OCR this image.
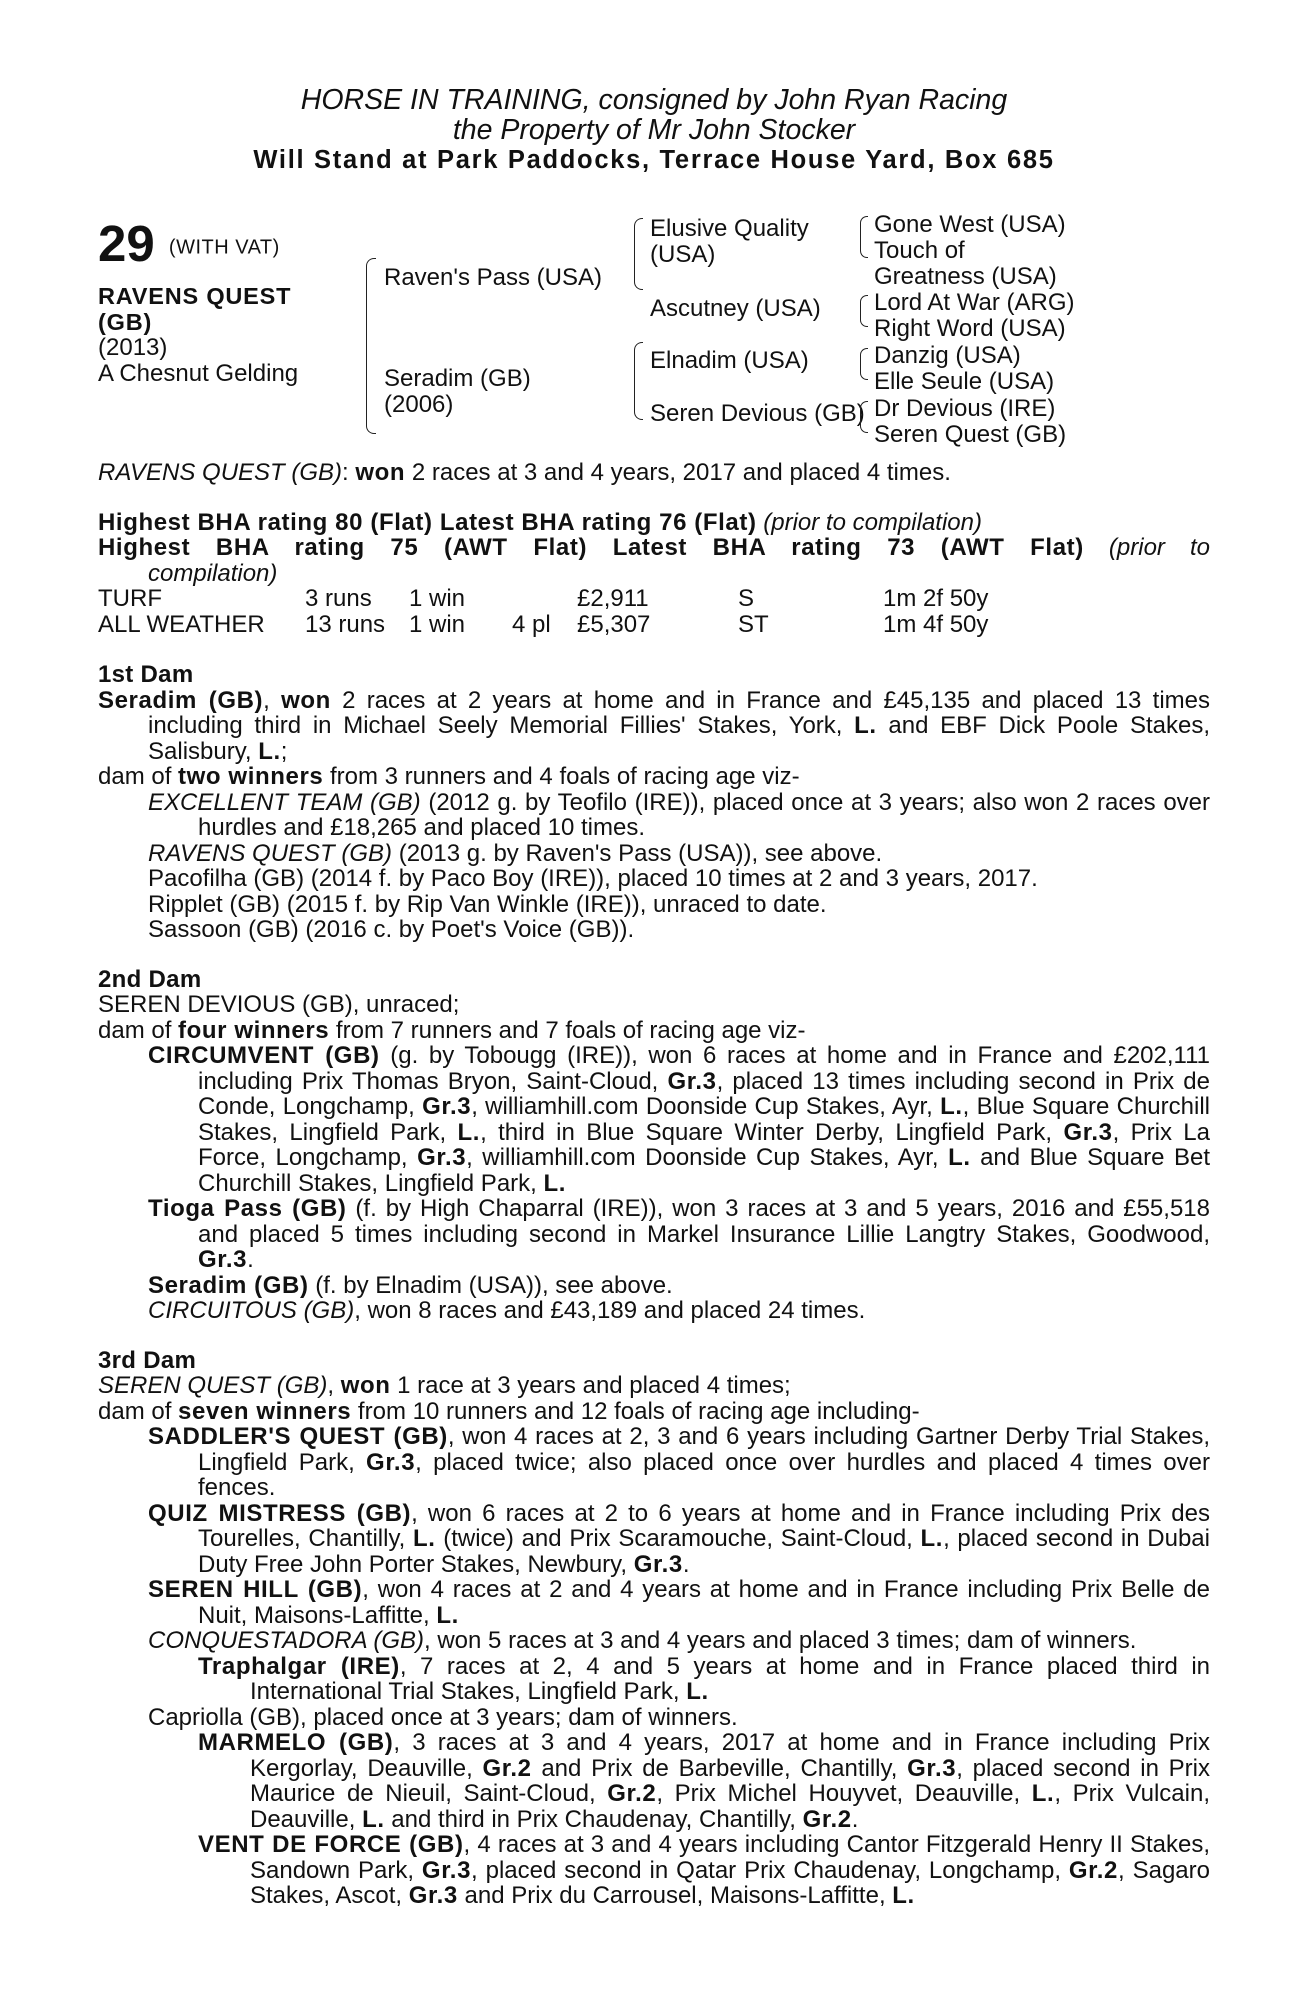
HORSE IN TRAINING, consigned by John Ryan Racing
the Property of Mr John Stocker
Will Stand at Park Paddocks, Terrace House Yard, Box 685
29 (WITH VAT)
RAVENS QUEST (GB)
(2013)
A Chesnut Gelding
Raven's Pass (USA)
Seradim (GB)
(2006)
Elusive Quality (USA)
Ascutney (USA)
Elnadim (USA)
Seren Devious (GB)
Gone West (USA)
Touch of Greatness (USA)
Lord At War (ARG)
Right Word (USA)
Danzig (USA)
Elle Seule (USA)
Dr Devious (IRE)
Seren Quest (GB)
RAVENS QUEST (GB): won 2 races at 3 and 4 years, 2017 and placed 4 times.
Highest BHA rating 80 (Flat) Latest BHA rating 76 (Flat) (prior to compilation)
Highest BHA rating 75 (AWT Flat) Latest BHA rating 73 (AWT Flat) (prior to compilation)
TURF	3 runs 1 win	£2,911	S	1m 2f 50y
ALL WEATHER 13 runs 1 win 4 pl £5,307	ST	1m 4f 50y
1st Dam
Seradim (GB), won 2 races at 2 years at home and in France and £45,135 and placed 13 times including third in Michael Seely Memorial Fillies' Stakes, York, L. and EBF Dick Poole Stakes, Salisbury, L.;
dam of two winners from 3 runners and 4 foals of racing age viz-
EXCELLENT TEAM (GB) (2012 g. by Teofilo (IRE)), placed once at 3 years; also won 2 races over hurdles and £18,265 and placed 10 times.
RAVENS QUEST (GB) (2013 g. by Raven's Pass (USA)), see above.
Pacofilha (GB) (2014 f. by Paco Boy (IRE)), placed 10 times at 2 and 3 years, 2017.
Ripplet (GB) (2015 f. by Rip Van Winkle (IRE)), unraced to date.
Sassoon (GB) (2016 c. by Poet's Voice (GB)).
2nd Dam
SEREN DEVIOUS (GB), unraced;
dam of four winners from 7 runners and 7 foals of racing age viz-
CIRCUMVENT (GB) (g. by Tobougg (IRE)), won 6 races at home and in France and £202,111 including Prix Thomas Bryon, Saint-Cloud, Gr.3, placed 13 times including second in Prix de Conde, Longchamp, Gr.3, williamhill.com Doonside Cup Stakes, Ayr, L., Blue Square Churchill Stakes, Lingfield Park, L., third in Blue Square Winter Derby, Lingfield Park, Gr.3, Prix La Force, Longchamp, Gr.3, williamhill.com Doonside Cup Stakes, Ayr, L. and Blue Square Bet Churchill Stakes, Lingfield Park, L.
Tioga Pass (GB) (f. by High Chaparral (IRE)), won 3 races at 3 and 5 years, 2016 and £55,518 and placed 5 times including second in Markel Insurance Lillie Langtry Stakes, Goodwood, Gr.3.
Seradim (GB) (f. by Elnadim (USA)), see above.
CIRCUITOUS (GB), won 8 races and £43,189 and placed 24 times.
3rd Dam
SEREN QUEST (GB), won 1 race at 3 years and placed 4 times;
dam of seven winners from 10 runners and 12 foals of racing age including-
SADDLER'S QUEST (GB), won 4 races at 2, 3 and 6 years including Gartner Derby Trial Stakes, Lingfield Park, Gr.3, placed twice; also placed once over hurdles and placed 4 times over fences.
QUIZ MISTRESS (GB), won 6 races at 2 to 6 years at home and in France including Prix des Tourelles, Chantilly, L. (twice) and Prix Scaramouche, Saint-Cloud, L., placed second in Dubai Duty Free John Porter Stakes, Newbury, Gr.3.
SEREN HILL (GB), won 4 races at 2 and 4 years at home and in France including Prix Belle de Nuit, Maisons-Laffitte, L.
CONQUESTADORA (GB), won 5 races at 3 and 4 years and placed 3 times; dam of winners.
Traphalgar (IRE), 7 races at 2, 4 and 5 years at home and in France placed third in International Trial Stakes, Lingfield Park, L.
Capriolla (GB), placed once at 3 years; dam of winners.
MARMELO (GB), 3 races at 3 and 4 years, 2017 at home and in France including Prix Kergorlay, Deauville, Gr.2 and Prix de Barbeville, Chantilly, Gr.3, placed second in Prix Maurice de Nieuil, Saint-Cloud, Gr.2, Prix Michel Houyvet, Deauville, L., Prix Vulcain, Deauville, L. and third in Prix Chaudenay, Chantilly, Gr.2.
VENT DE FORCE (GB), 4 races at 3 and 4 years including Cantor Fitzgerald Henry II Stakes, Sandown Park, Gr.3, placed second in Qatar Prix Chaudenay, Longchamp, Gr.2, Sagaro Stakes, Ascot, Gr.3 and Prix du Carrousel, Maisons-Laffitte, L.
